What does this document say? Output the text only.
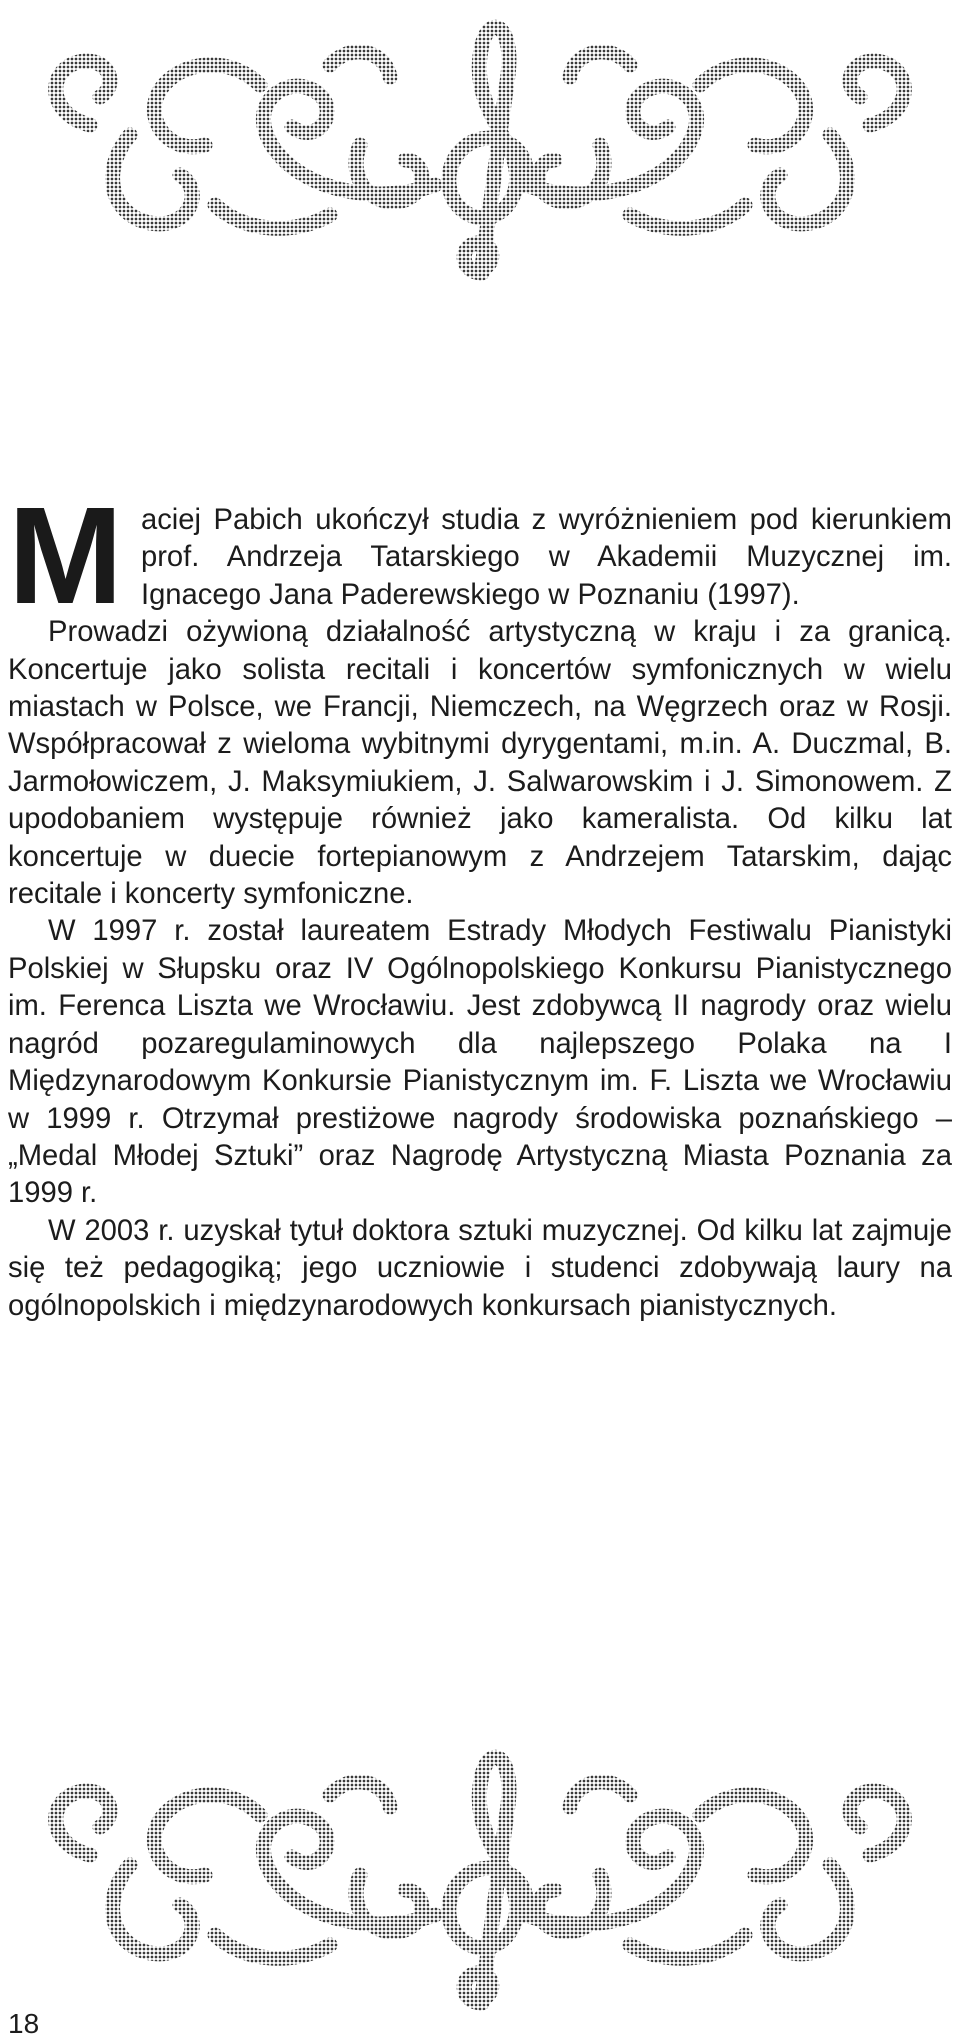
Maciej Pabich ukończył studia z wyróżnieniem pod kierunkiem prof. Andrzeja Tatarskiego w Akademii Muzycznej im. Ignacego Jana Paderewskiego w Poznaniu (1997).

Prowadzi ożywioną działalność artystyczną w kraju i za granicą. Koncertuje jako solista recitali i koncertów symfonicznych w wielu miastach w Polsce, we Francji, Niemczech, na Węgrzech oraz w Rosji. Współpracował z wieloma wybitnymi dyrygentami, m.in. A. Duczmal, B. Jarmołowiczem, J. Maksymiukiem, J. Salwarowskim i J. Simonowem. Z upodobaniem występuje również jako kameralista. Od kilku lat koncertuje w duecie fortepianowym z Andrzejem Tatarskim, dając recitale i koncerty symfoniczne.

W 1997 r. został laureatem Estrady Młodych Festiwalu Pianistyki Polskiej w Słupsku oraz IV Ogólnopolskiego Konkursu Pianistycznego im. Ferenca Liszta we Wrocławiu. Jest zdobywcą II nagrody oraz wielu nagród pozaregulaminowych dla najlepszego Polaka na I Międzynarodowym Konkursie Pianistycznym im. F. Liszta we Wrocławiu w 1999 r. Otrzymał prestiżowe nagrody środowiska poznańskiego – „Medal Młodej Sztuki” oraz Nagrodę Artystyczną Miasta Poznania za 1999 r.

W 2003 r. uzyskał tytuł doktora sztuki muzycznej. Od kilku lat zajmuje się też pedagogiką; jego uczniowie i studenci zdobywają laury na ogólnopolskich i międzynarodowych konkursach pianistycznych.

18
